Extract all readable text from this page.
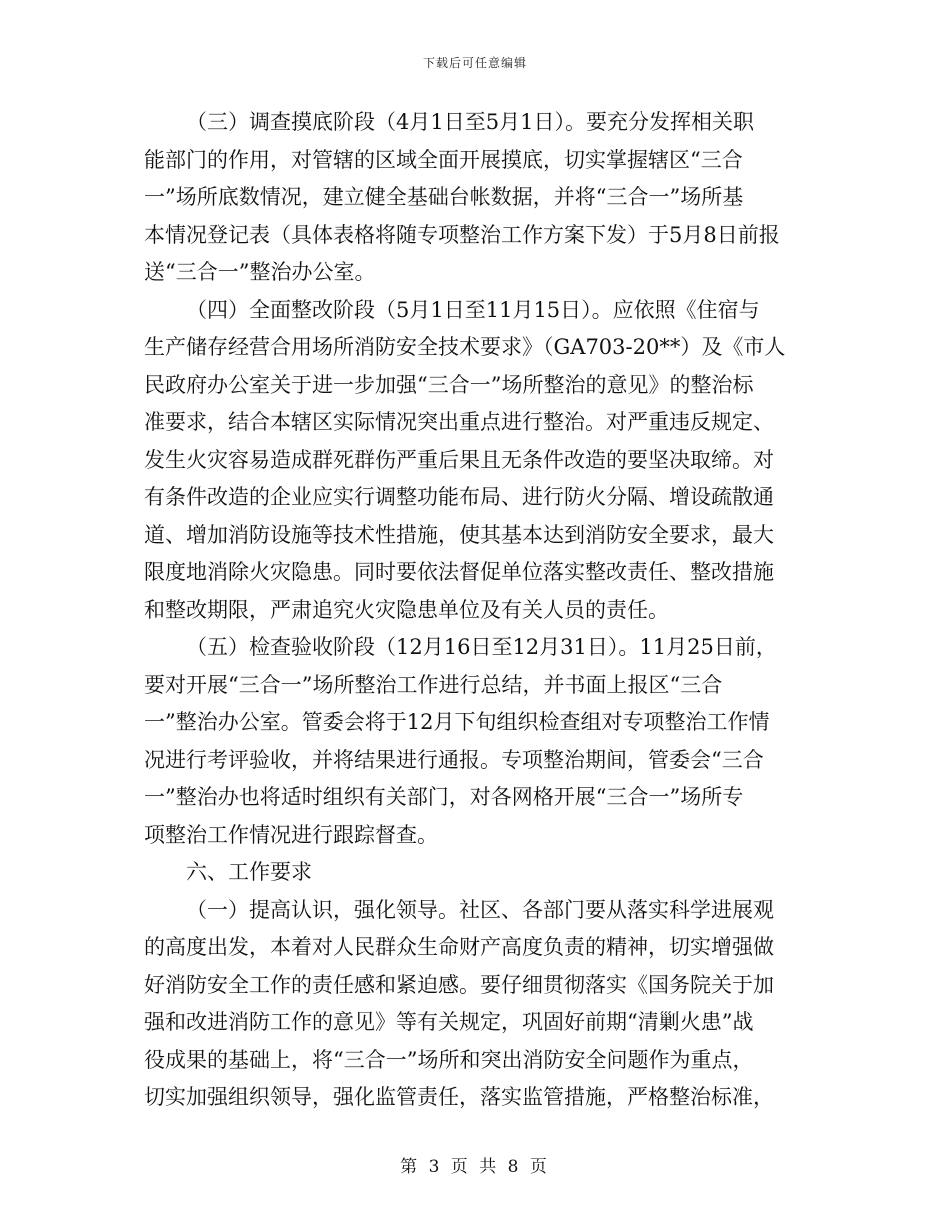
下载后可任意编辑

（三）调查摸底阶段（4月1日至5月1日）。要充分发挥相关职
能部门的作用，对管辖的区域全面开展摸底，切实掌握辖区“三合
一”场所底数情况，建立健全基础台帐数据，并将“三合一”场所基
本情况登记表（具体表格将随专项整治工作方案下发）于5月8日前报
送“三合一”整治办公室。

（四）全面整改阶段（5月1日至11月15日）。应依照《住宿与
生产储存经营合用场所消防安全技术要求》（GA703-20**）及《市人
民政府办公室关于进一步加强“三合一”场所整治的意见》的整治标
准要求，结合本辖区实际情况突出重点进行整治。对严重违反规定、
发生火灾容易造成群死群伤严重后果且无条件改造的要坚决取缔。对
有条件改造的企业应实行调整功能布局、进行防火分隔、增设疏散通
道、增加消防设施等技术性措施，使其基本达到消防安全要求，最大
限度地消除火灾隐患。同时要依法督促单位落实整改责任、整改措施
和整改期限，严肃追究火灾隐患单位及有关人员的责任。

（五）检查验收阶段（12月16日至12月31日）。11月25日前，
要对开展“三合一”场所整治工作进行总结，并书面上报区“三合
一”整治办公室。管委会将于12月下旬组织检查组对专项整治工作情
况进行考评验收，并将结果进行通报。专项整治期间，管委会“三合
一”整治办也将适时组织有关部门，对各网格开展“三合一”场所专
项整治工作情况进行跟踪督查。

六、工作要求

（一）提高认识，强化领导。社区、各部门要从落实科学进展观
的高度出发，本着对人民群众生命财产高度负责的精神，切实增强做
好消防安全工作的责任感和紧迫感。要仔细贯彻落实《国务院关于加
强和改进消防工作的意见》等有关规定，巩固好前期“清剿火患”战
役成果的基础上，将“三合一”场所和突出消防安全问题作为重点，
切实加强组织领导，强化监管责任，落实监管措施，严格整治标准，

第 3 页 共 8 页
